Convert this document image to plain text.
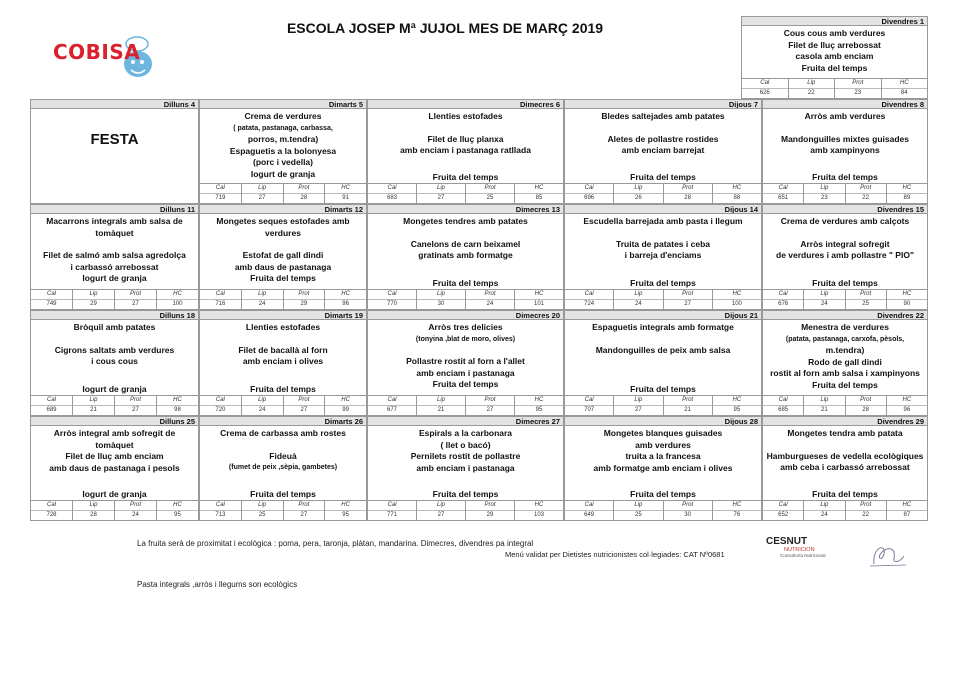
ESCOLA JOSEP Mª JUJOL MES DE MARÇ 2019
COBISA
Dilluns 4
FESTA
Dimarts 5
Crema de verdures
( patata, pastanaga, carbassa,
porros, m.tendra)
Espaguetis a la bolonyesa
(porc i vedella)
Iogurt de granja
Cal
719
Lip
27
Prot
28
HC
91
Dimecres 6
Llenties estofades
Filet de lluç planxa
amb enciam i pastanaga ratllada
Fruita del temps
Cal
683
Lip
27
Prot
25
HC
85
Dijous 7
Bledes saltejades amb patates
Aletes de pollastre rostides
amb enciam barrejat
Fruita del temps
Cal
696
Lip
26
Prot
28
HC
88
Divendres 8
Arròs amb verdures
Mandonguilles mixtes guisades
amb xampinyons
Fruita del temps
Cal
651
Lip
23
Prot
22
HC
89
Dilluns 11
Macarrons integrals amb salsa de
tomàquet
Filet de salmó amb salsa agredolça
i carbassó arrebossat
Iogurt de granja
Cal
749
Lip
29
Prot
27
HC
100
Dimarts 12
Mongetes seques estofades amb
verdures
Estofat de gall dindi
amb daus de pastanaga
Fruita del temps
Cal
716
Lip
24
Prot
29
HC
96
Dimecres 13
Mongetes tendres amb patates
Canelons de carn beixamel
gratinats amb formatge
Fruita del temps
Cal
770
Lip
30
Prot
24
HC
101
Dijous 14
Escudella barrejada amb pasta i llegum
Truita de patates i ceba
i barreja d'enciams
Fruita del temps
Cal
724
Lip
24
Prot
27
HC
100
Divendres 15
Crema de verdures amb calçots
Arròs integral sofregit
de verdures i amb pollastre " PIO"
Fruita del temps
Cal
676
Lip
24
Prot
25
HC
90
Dilluns 18
Bròquil amb patates
Cigrons saltats amb verdures
i cous cous
Iogurt de granja
Cal
689
Lip
21
Prot
27
HC
98
Dimarts 19
Llenties estofades
Filet de bacallà al forn
amb enciam i olives
Fruita del temps
Cal
720
Lip
24
Prot
27
HC
99
Dimecres 20
Arròs tres delicies
(tonyina ,blat de moro, olives)
Pollastre rostit al forn a l'allet
amb enciam i pastanaga
Fruita del temps
Cal
677
Lip
21
Prot
27
HC
95
Dijous 21
Espaguetis integrals amb formatge
Mandonguilles de peix amb salsa
Fruita del temps
Cal
707
Lip
27
Prot
21
HC
95
Divendres 22
Menestra de verdures
(patata, pastanaga, carxofa, pèsols,
m.tendra)
Rodo de gall dindi
rostit al forn amb salsa i xampinyons
Fruita del temps
Cal
685
Lip
21
Prot
28
HC
96
Dilluns 25
Arròs integral amb sofregit de
tomàquet
Filet de lluç amb enciam
amb daus de pastanaga i pesols
Iogurt de granja
Cal
728
Lip
28
Prot
24
HC
95
Dimarts 26
Crema de carbassa amb rostes
Fideuà
(fumet de peix ,sèpia, gambetes)
Fruita del temps
Cal
713
Lip
25
Prot
27
HC
95
Dimecres 27
Espirals a la carbonara
( llet o bacó)
Pernilets rostit de pollastre
amb enciam i pastanaga
Fruita del temps
Cal
771
Lip
27
Prot
29
HC
103
Dijous 28
Mongetes blanques guisades
amb verdures
truita a la francesa
amb formatge amb enciam i olives
Fruita del temps
Cal
649
Lip
25
Prot
30
HC
76
Divendres 29
Mongetes tendra amb patata
Hamburgueses de vedella ecològiques
amb ceba i carbassó arrebossat
Fruita del temps
Cal
652
Lip
24
Prot
22
HC
87
Divendres 1
Cous cous amb verdures
Filet de lluç arrebossat
casola amb enciam
Fruita del temps
Cal
626
Lip
22
Prot
23
HC
84
La fruita serà de proximitat i ecològica : poma, pera, taronja, plàtan, mandarina. Dimecres, divendres pa integral
Menú validat per Dietistes nutricionistes col·legiades: CAT Nº0681
Pasta integrals ,arròs i llegums son ecològics
CESNUT
NUTRICION
Consultoría Nutricional
